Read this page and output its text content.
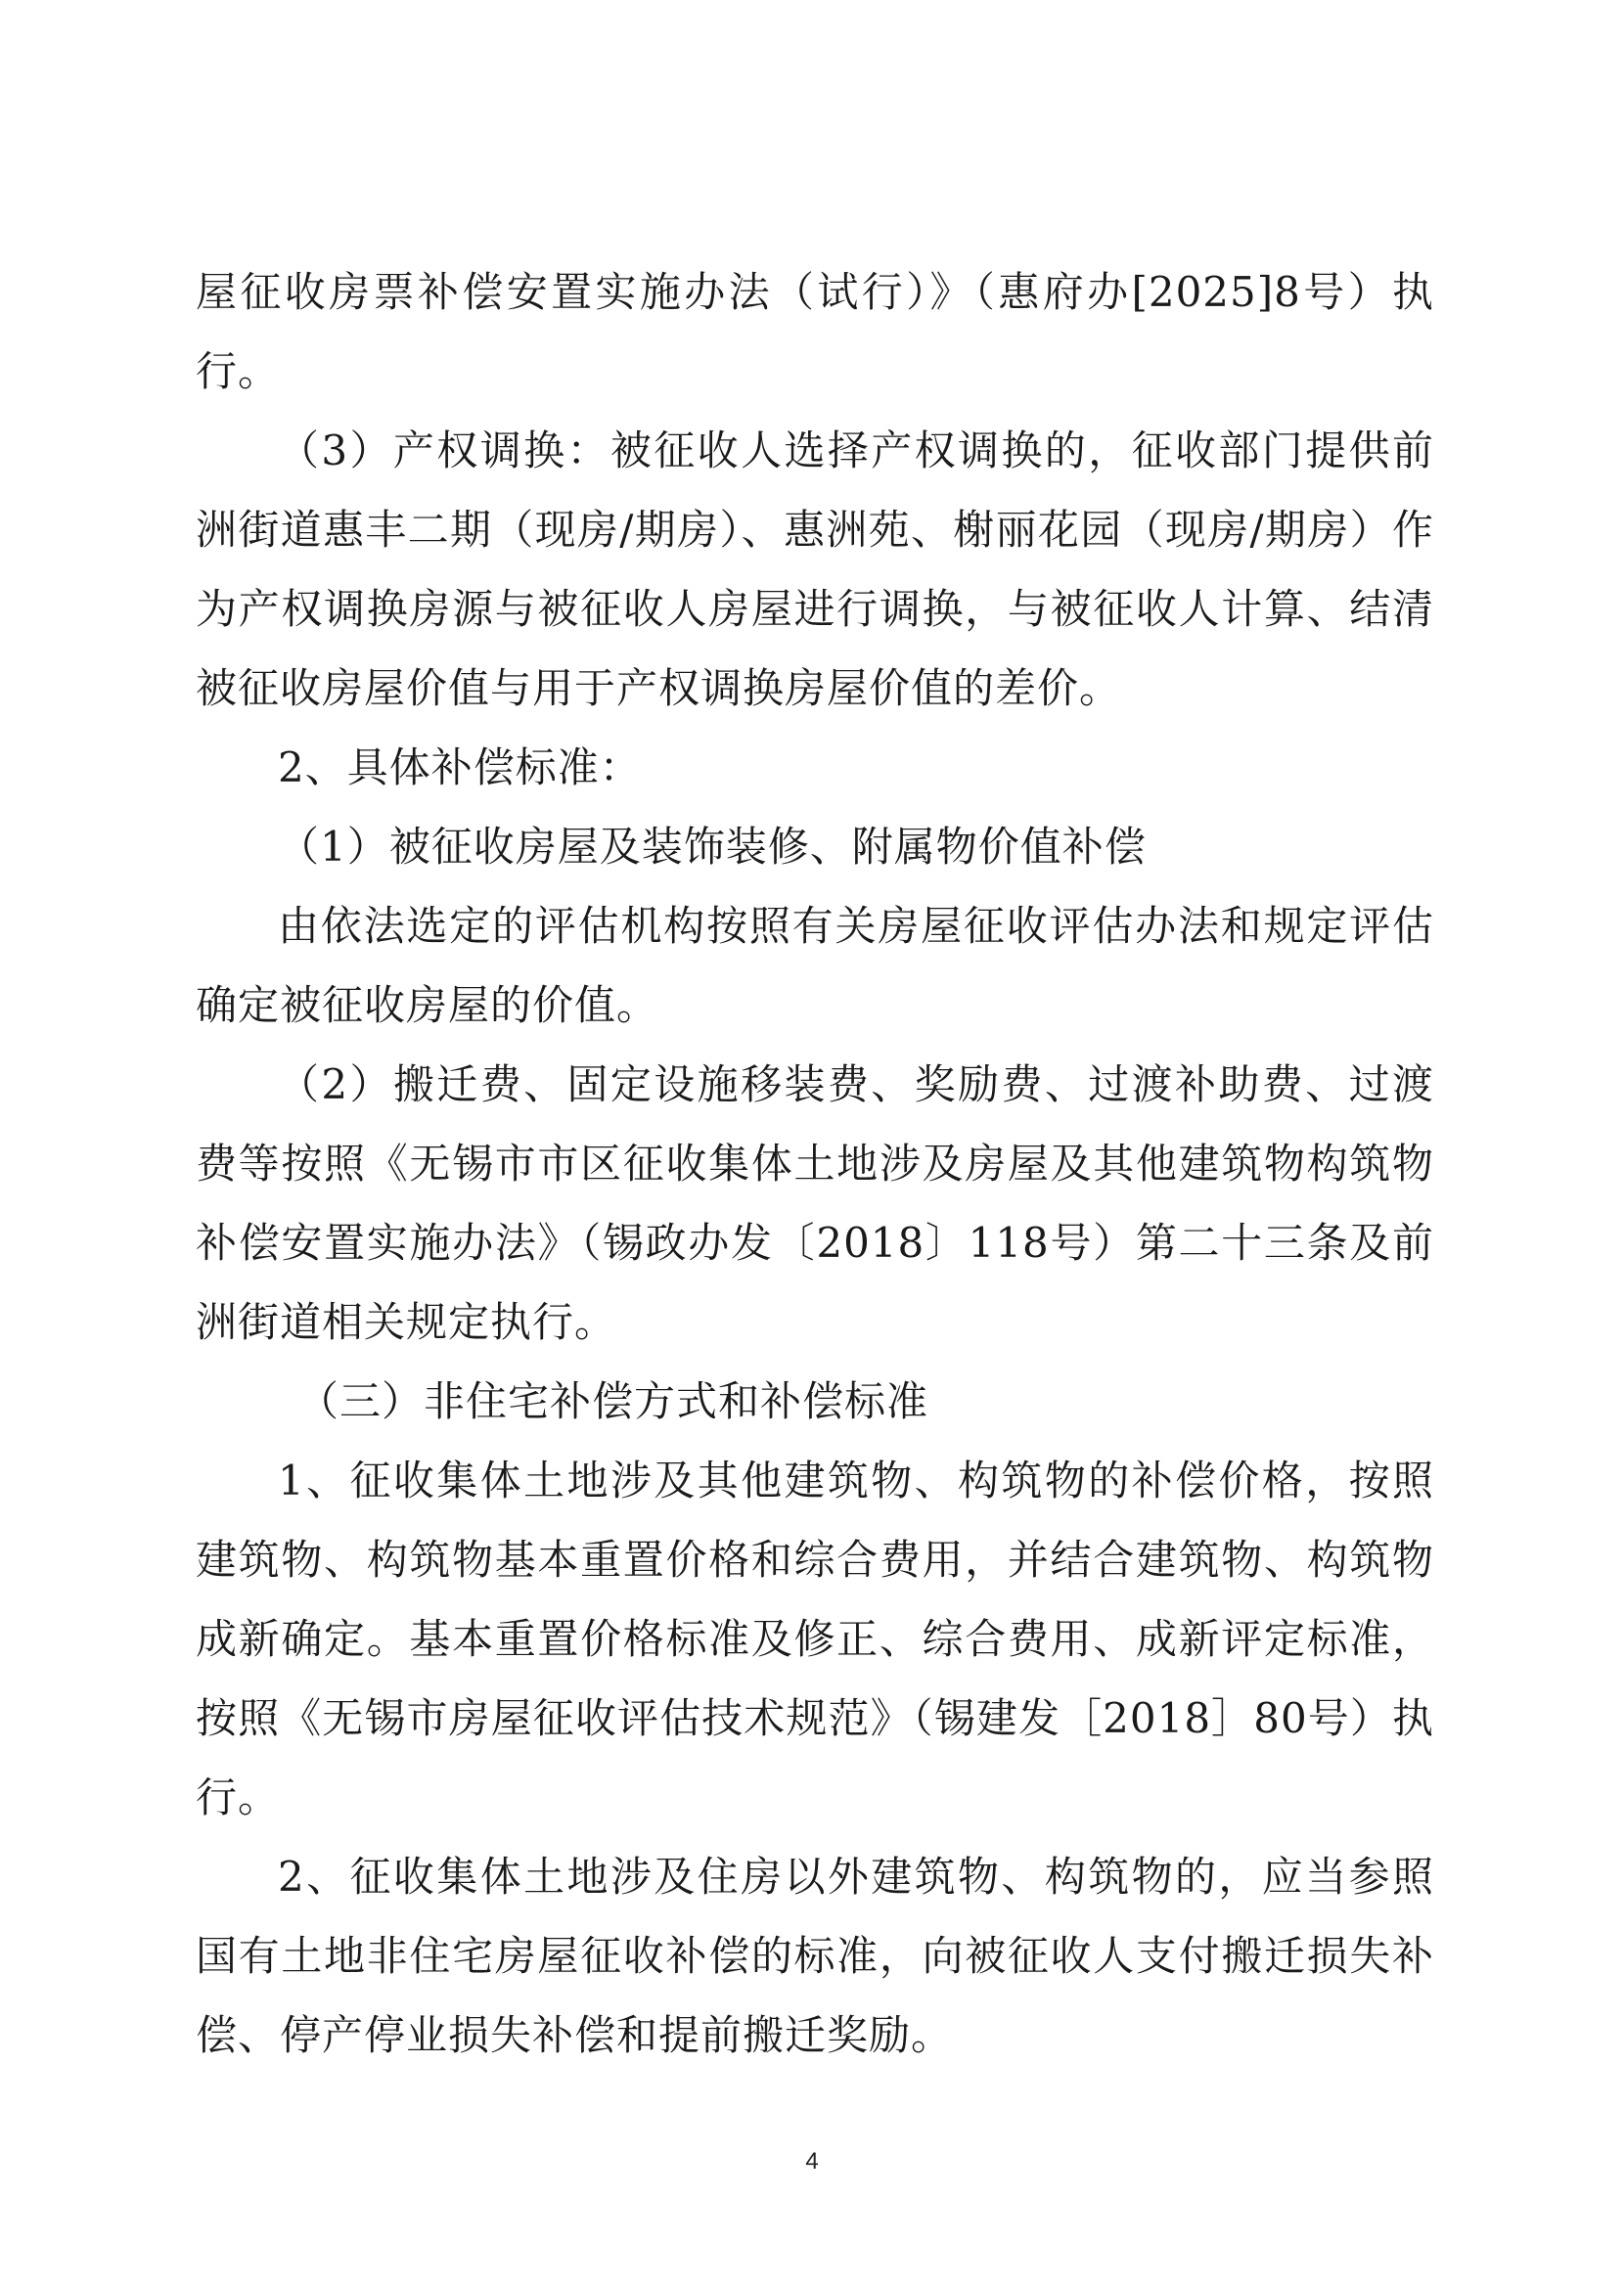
屋征收房票补偿安置实施办法（试行）》（惠府办[2025]8号）执行。

（3）产权调换：被征收人选择产权调换的，征收部门提供前洲街道惠丰二期（现房/期房）、惠洲苑、榭丽花园（现房/期房）作为产权调换房源与被征收人房屋进行调换，与被征收人计算、结清被征收房屋价值与用于产权调换房屋价值的差价。

2、具体补偿标准：

（1）被征收房屋及装饰装修、附属物价值补偿

由依法选定的评估机构按照有关房屋征收评估办法和规定评估确定被征收房屋的价值。

（2）搬迁费、固定设施移装费、奖励费、过渡补助费、过渡费等按照《无锡市市区征收集体土地涉及房屋及其他建筑物构筑物补偿安置实施办法》（锡政办发〔2018〕118号）第二十三条及前洲街道相关规定执行。

（三）非住宅补偿方式和补偿标准

1、征收集体土地涉及其他建筑物、构筑物的补偿价格，按照建筑物、构筑物基本重置价格和综合费用，并结合建筑物、构筑物成新确定。基本重置价格标准及修正、综合费用、成新评定标准，按照《无锡市房屋征收评估技术规范》（锡建发［2018］80号）执行。

2、征收集体土地涉及住房以外建筑物、构筑物的，应当参照国有土地非住宅房屋征收补偿的标准，向被征收人支付搬迁损失补偿、停产停业损失补偿和提前搬迁奖励。

4
